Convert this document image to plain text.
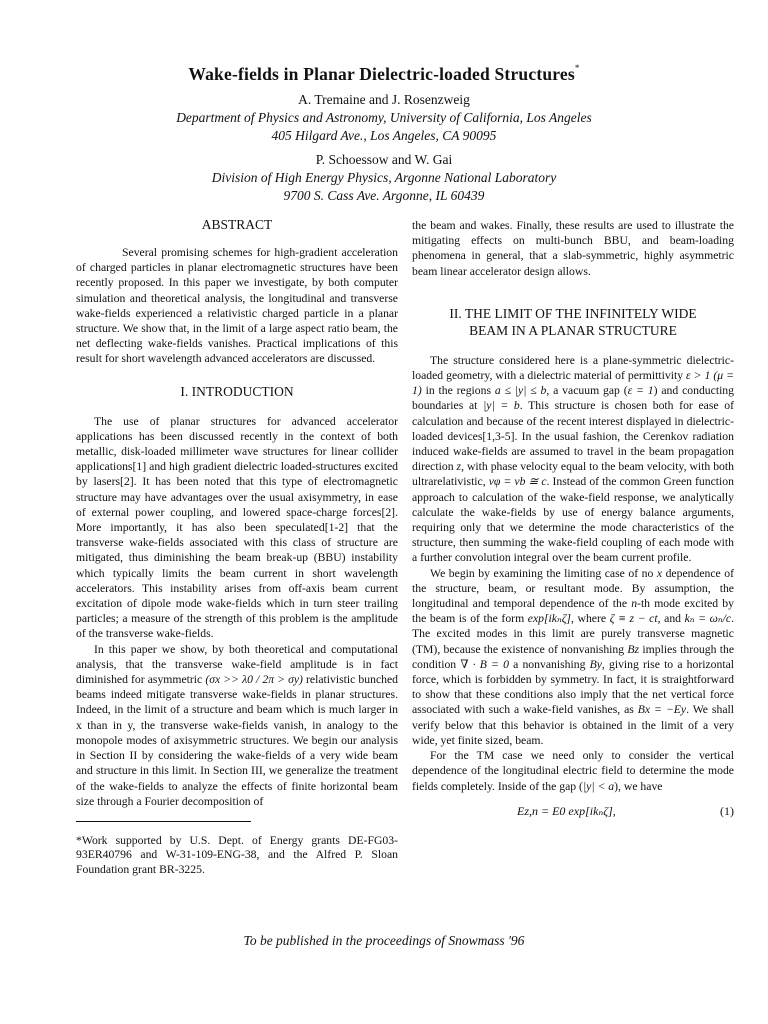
Wake-fields in Planar Dielectric-loaded Structures*

A. Tremaine and J. Rosenzweig

Department of Physics and Astronomy, University of California, Los Angeles

405 Hilgard Ave., Los Angeles, CA 90095

P. Schoessow and W. Gai

Division of High Energy Physics, Argonne National Laboratory

9700 S. Cass Ave. Argonne, IL 60439

ABSTRACT

Several promising schemes for high-gradient acceleration of charged particles in planar electromagnetic structures have been recently proposed. In this paper we investigate, by both computer simulation and theoretical analysis, the longitudinal and transverse wake-fields experienced a relativistic charged particle in a planar structure. We show that, in the limit of a large aspect ratio beam, the net deflecting wake-fields vanishes. Practical implications of this result for short wavelength advanced accelerators are discussed.

I. INTRODUCTION

The use of planar structures for advanced accelerator applications has been discussed recently in the context of both metallic, disk-loaded millimeter wave structures for linear collider applications[1] and high gradient dielectric loaded-structures excited by lasers[2]. It has been noted that this type of electromagnetic structure may have advantages over the usual axisymmetry, in ease of external power coupling, and lowered space-charge forces[2]. More importantly, it has also been speculated[1-2] that the transverse wake-fields associated with this class of structure are mitigated, thus diminishing the beam break-up (BBU) instability which typically limits the beam current in short wavelength accelerators. This instability arises from off-axis beam current excitation of dipole mode wake-fields which in turn steer trailing particles; a measure of the strength of this problem is the amplitude of the transverse wake-fields.

In this paper we show, by both theoretical and computational analysis, that the transverse wake-field amplitude is in fact diminished for asymmetric (σx >> λ0 / 2π > σy) relativistic bunched beams indeed mitigate transverse wake-fields in planar structures. Indeed, in the limit of a structure and beam which is much larger in x than in y, the transverse wake-fields vanish, in analogy to the monopole modes of axisymmetric structures. We begin our analysis in Section II by considering the wake-fields of a very wide beam and structure in this limit. In Section III, we generalize the treatment of the wake-fields to analyze the effects of finite horizontal beam size through a Fourier decomposition of

*Work supported by U.S. Dept. of Energy grants DE-FG03-93ER40796 and W-31-109-ENG-38, and the Alfred P. Sloan Foundation grant BR-3225.

the beam and wakes. Finally, these results are used to illustrate the mitigating effects on multi-bunch BBU, and beam-loading phenomena in general, that a slab-symmetric, highly asymmetric beam linear accelerator design allows.

II. THE LIMIT OF THE INFINITELY WIDE

BEAM IN A PLANAR STRUCTURE

The structure considered here is a plane-symmetric dielectric-loaded geometry, with a dielectric material of permittivity ε > 1 (μ = 1) in the regions a ≤ |y| ≤ b, a vacuum gap (ε = 1) and conducting boundaries at |y| = b. This structure is chosen both for ease of calculation and because of the recent interest displayed in dielectric-loaded devices[1,3-5]. In the usual fashion, the Cerenkov radiation induced wake-fields are assumed to travel in the beam propagation direction z, with phase velocity equal to the beam velocity, with both ultrarelativistic, vφ = vb ≅ c. Instead of the common Green function approach to calculation of the wake-field response, we analytically calculate the wake-fields by use of energy balance arguments, requiring only that we determine the mode characteristics of the structure, then summing the wake-field coupling of each mode with a further convolution integral over the beam current profile.

We begin by examining the limiting case of no x dependence of the structure, beam, or resultant mode. By assumption, the longitudinal and temporal dependence of the n-th mode excited by the beam is of the form exp[ikₙζ], where ζ ≡ z − ct, and kₙ = ωₙ/c. The excited modes in this limit are purely transverse magnetic (TM), because the existence of nonvanishing Bz implies through the condition ∇ · B = 0 a nonvanishing By, giving rise to a horizontal force, which is forbidden by symmetry. In fact, it is straightforward to show that these conditions also imply that the net vertical force associated with such a wake-field vanishes, as Bx = −Ey. We shall verify below that this behavior is obtained in the limit of a very wide, yet finite sized, beam.

For the TM case we need only to consider the vertical dependence of the longitudinal electric field to determine the mode fields completely. Inside of the gap (|y| < a), we have

Ez,n = E0 exp[ikₙζ],	(1)

To be published in the proceedings of Snowmass '96
